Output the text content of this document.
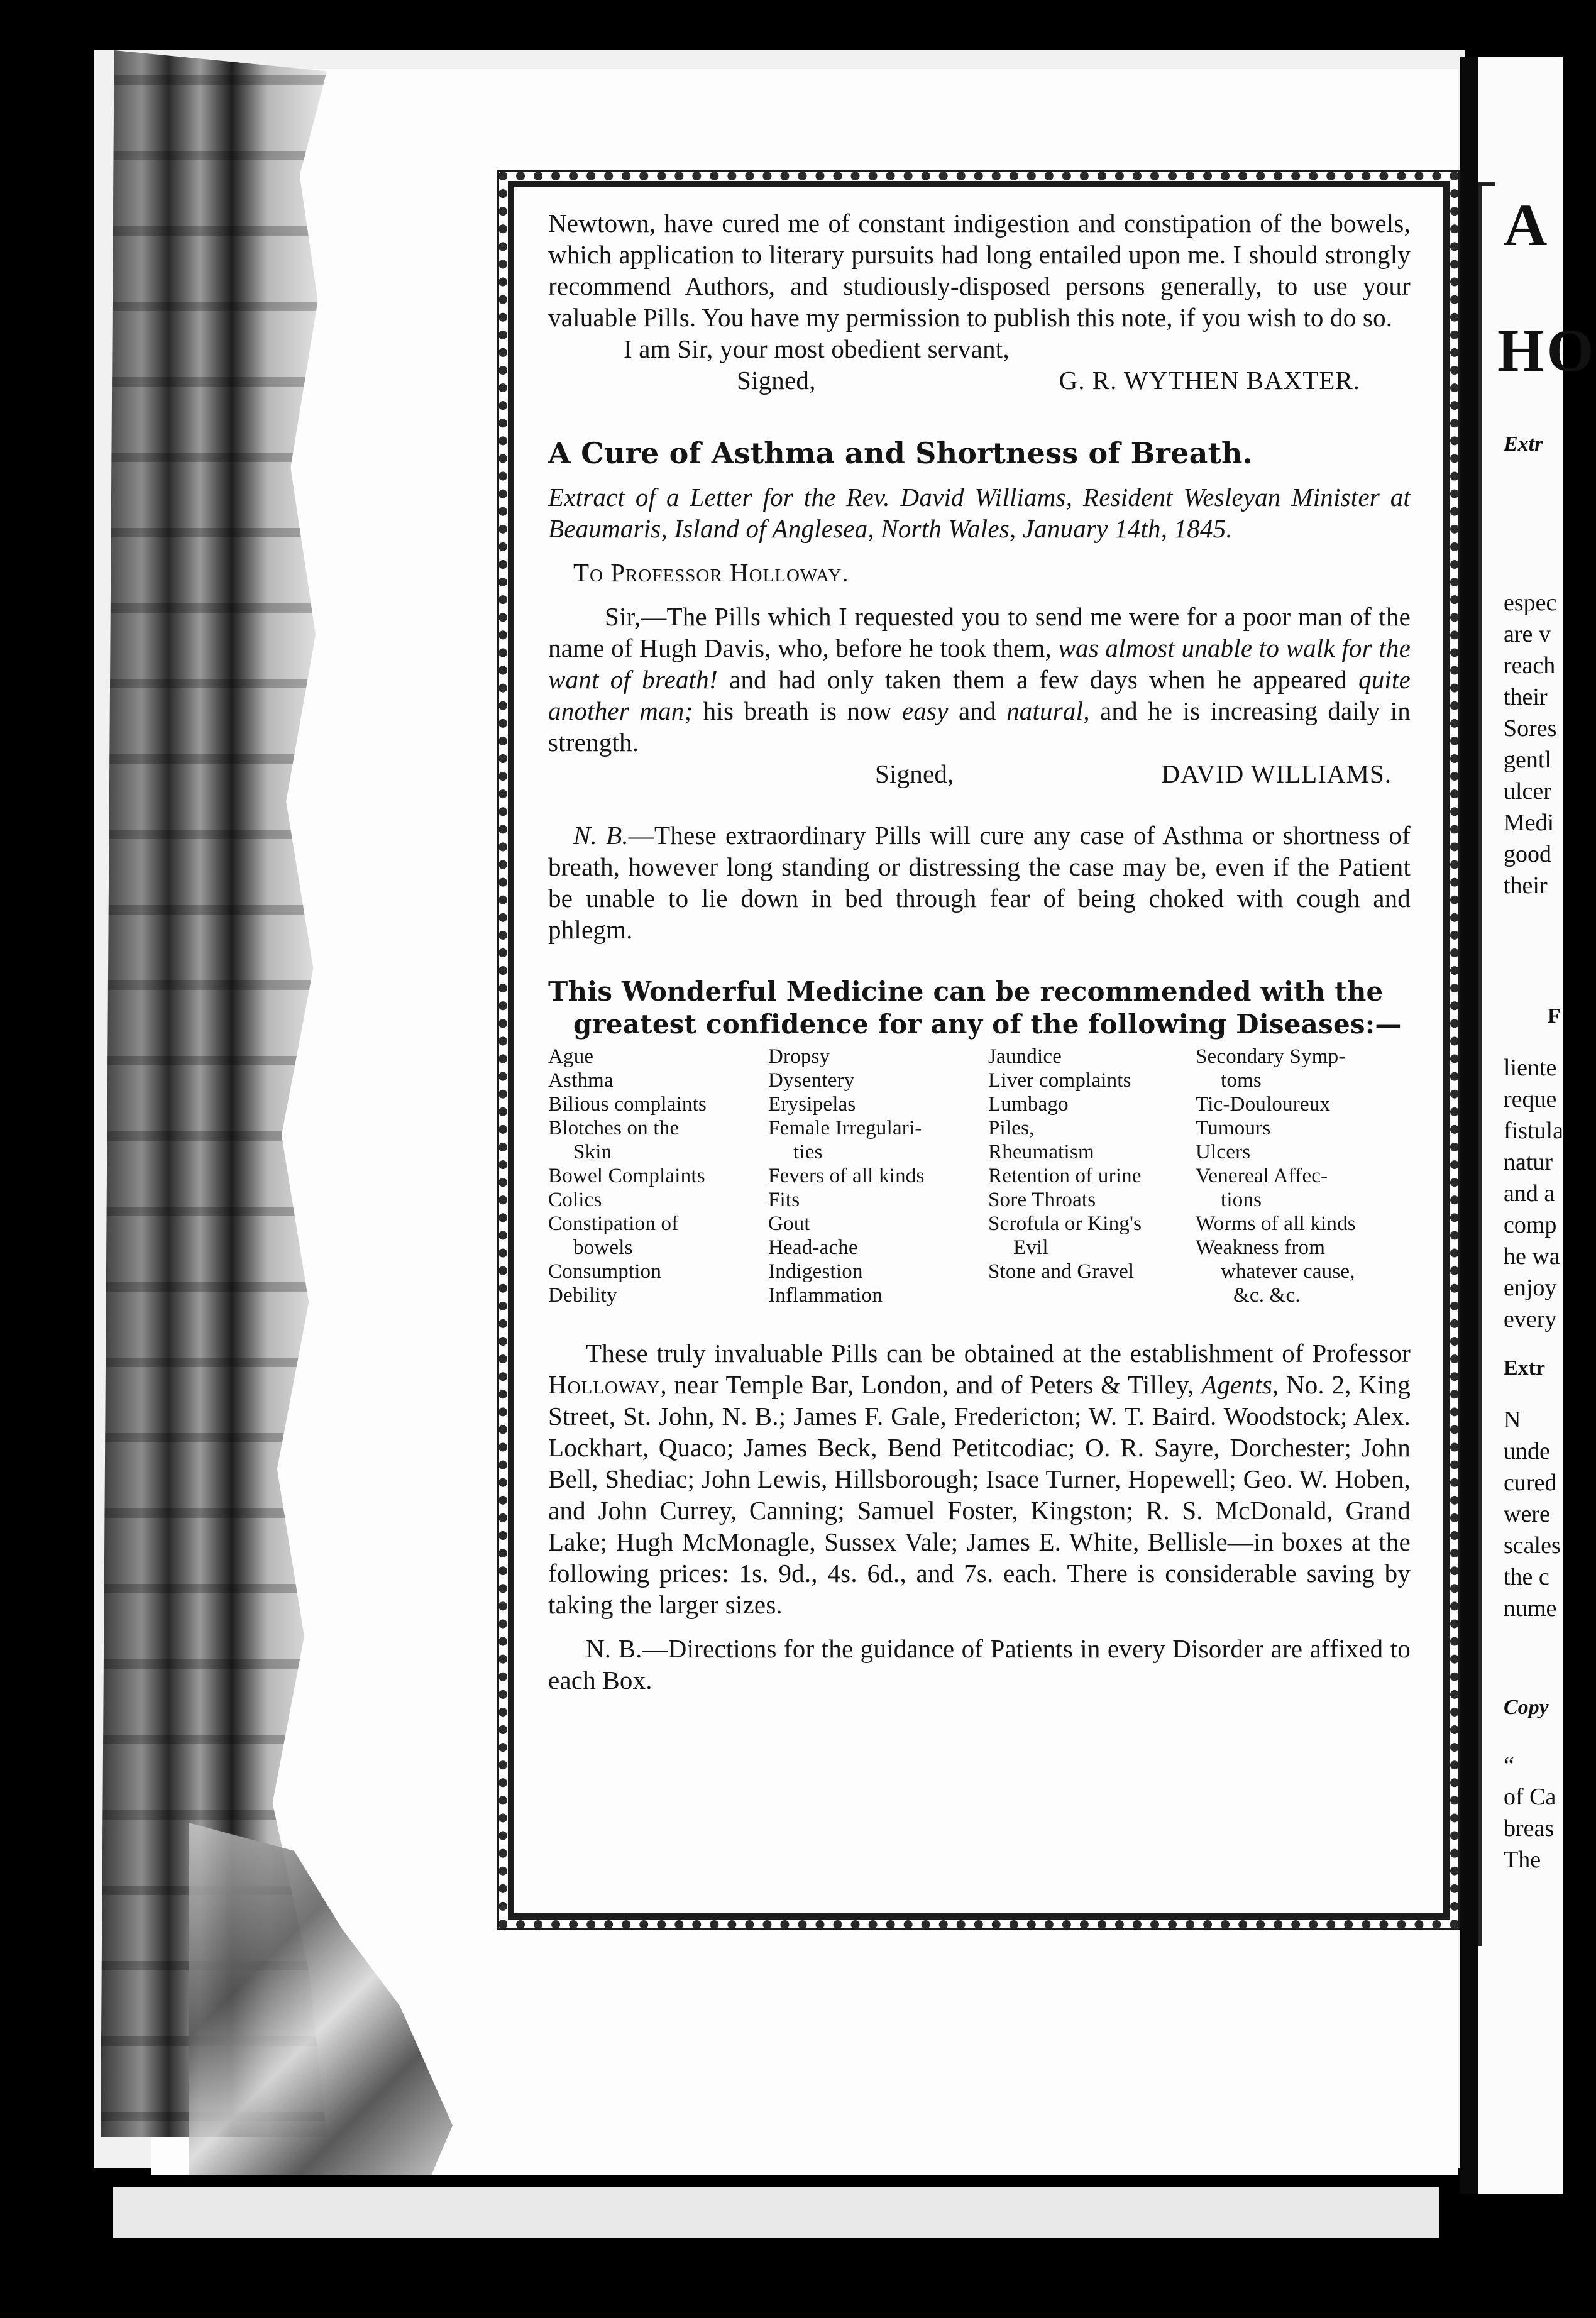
A
HO
Extr
espec
are v
reach
their
Sores
gentl
ulcer
Medi
good
their
F
liente
reque
fistula
natur
and a
comp
he wa
enjoy
every
Extr
N
unde
cured
were
scales
the c
nume
Copy
“
of Ca
breas
The

Newtown, have cured me of constant indigestion and constipation of the bowels, which application to literary pursuits had long entailed upon me. I should strongly recommend Authors, and studiously-disposed persons generally, to use your valuable Pills. You have my permission to publish this note, if you wish to do so.

I am Sir, your most obedient servant,

Signed,	G. R. WYTHEN BAXTER.

A Cure of Asthma and Shortness of Breath.

Extract of a Letter for the Rev. David Williams, Resident Wesleyan Minister at Beaumaris, Island of Anglesea, North Wales, January 14th, 1845.

To Professor Holloway.

Sir,—The Pills which I requested you to send me were for a poor man of the name of Hugh Davis, who, before he took them, was almost unable to walk for the want of breath! and had only taken them a few days when he appeared quite another man; his breath is now easy and natural, and he is increasing daily in strength.

Signed,	DAVID WILLIAMS.

N. B.—These extraordinary Pills will cure any case of Asthma or shortness of breath, however long standing or distressing the case may be, even if the Patient be unable to lie down in bed through fear of being choked with cough and phlegm.

This Wonderful Medicine can be recommended with the
greatest confidence for any of the following Diseases:—
Ague
Asthma
Bilious complaints
Blotches on the
Skin
Bowel Complaints
Colics
Constipation of
bowels
Consumption
Debility
Dropsy
Dysentery
Erysipelas
Female Irregulari-
ties
Fevers of all kinds
Fits
Gout
Head-ache
Indigestion
Inflammation
Jaundice
Liver complaints
Lumbago
Piles,
Rheumatism
Retention of urine
Sore Throats
Scrofula or King's
Evil
Stone and Gravel
Secondary Symp-
toms
Tic-Douloureux
Tumours
Ulcers
Venereal Affec-
tions
Worms of all kinds
Weakness from
whatever cause,
&c. &c.

These truly invaluable Pills can be obtained at the establishment of Professor Holloway, near Temple Bar, London, and of Peters & Tilley, Agents, No. 2, King Street, St. John, N. B.; James F. Gale, Fredericton; W. T. Baird. Woodstock; Alex. Lockhart, Quaco; James Beck, Bend Petitcodiac; O. R. Sayre, Dorchester; John Bell, Shediac; John Lewis, Hillsborough; Isace Turner, Hopewell; Geo. W. Hoben, and John Currey, Canning; Samuel Foster, Kingston; R. S. McDonald, Grand Lake; Hugh McMonagle, Sussex Vale; James E. White, Bellisle—in boxes at the following prices: 1s. 9d., 4s. 6d., and 7s. each. There is considerable saving by taking the larger sizes.

N. B.—Directions for the guidance of Patients in every Disorder are affixed to each Box.
